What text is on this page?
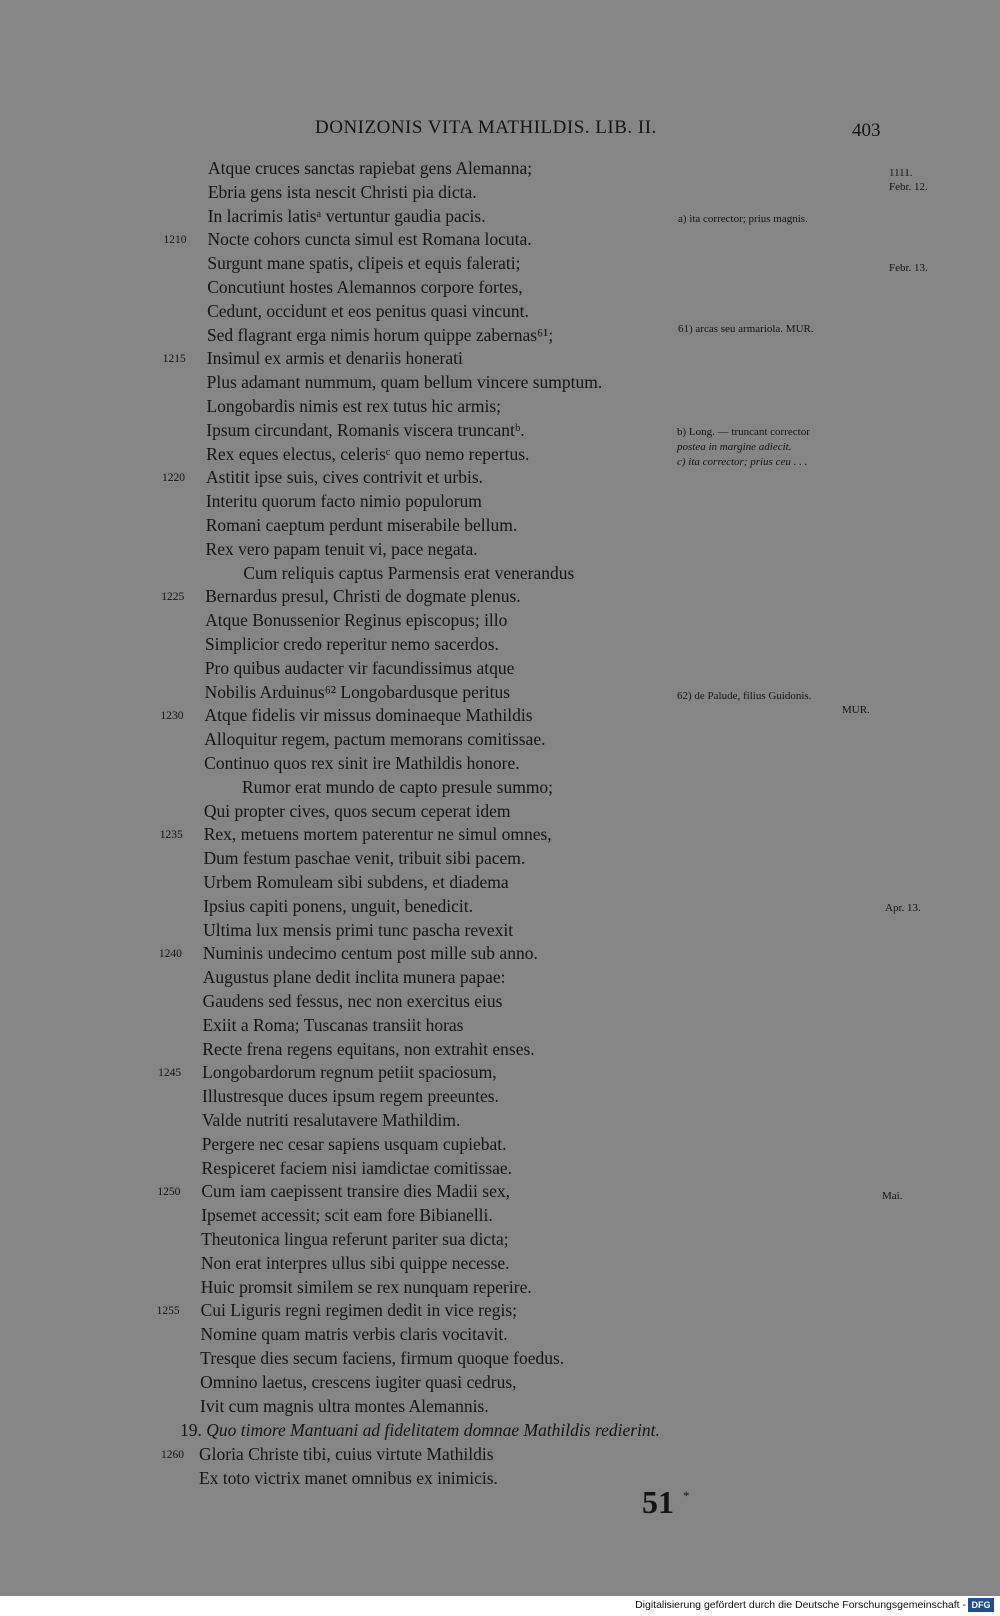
DONIZONIS VITA MATHILDIS. LIB. II.	403
Atque cruces sanctas rapiebat gens Alemanna;
Ebria gens ista nescit Christi pia dicta.
In lacrimis latisᵃ vertuntur gaudia pacis.
Nocte cohors cuncta simul est Romana locuta.
1210
Surgunt mane spatis, clipeis et equis falerati;
Concutiunt hostes Alemannos corpore fortes,
Cedunt, occidunt et eos penitus quasi vincunt.
Sed flagrant erga nimis horum quippe zabernas⁶¹;
Insimul ex armis et denariis honerati
1215
Plus adamant nummum, quam bellum vincere sumptum.
Longobardis nimis est rex tutus hic armis;
Ipsum circundant, Romanis viscera truncantᵇ.
Rex eques electus, celerisᶜ quo nemo repertus.
Astitit ipse suis, cives contrivit et urbis.
1220
Interitu quorum facto nimio populorum
Romani caeptum perdunt miserabile bellum.
Rex vero papam tenuit vi, pace negata.
Cum reliquis captus Parmensis erat venerandus
Bernardus presul, Christi de dogmate plenus.
1225
Atque Bonussenior Reginus episcopus; illo
Simplicior credo reperitur nemo sacerdos.
Pro quibus audacter vir facundissimus atque
Nobilis Arduinus⁶² Longobardusque peritus
Atque fidelis vir missus dominaeque Mathildis
1230
Alloquitur regem, pactum memorans comitissae.
Continuo quos rex sinit ire Mathildis honore.
Rumor erat mundo de capto presule summo;
Qui propter cives, quos secum ceperat idem
Rex, metuens mortem paterentur ne simul omnes,
1235
Dum festum paschae venit, tribuit sibi pacem.
Urbem Romuleam sibi subdens, et diadema
Ipsius capiti ponens, unguit, benedicit.
Ultima lux mensis primi tunc pascha revexit
Numinis undecimo centum post mille sub anno.
1240
Augustus plane dedit inclita munera papae:
Gaudens sed fessus, nec non exercitus eius
Exiit a Roma; Tuscanas transiit horas
Recte frena regens equitans, non extrahit enses.
Longobardorum regnum petiit spaciosum,
1245
Illustresque duces ipsum regem preeuntes.
Valde nutriti resalutavere Mathildim.
Pergere nec cesar sapiens usquam cupiebat.
Respiceret faciem nisi iamdictae comitissae.
Cum iam caepissent transire dies Madii sex,
1250
Ipsemet accessit; scit eam fore Bibianelli.
Theutonica lingua referunt pariter sua dicta;
Non erat interpres ullus sibi quippe necesse.
Huic promsit similem se rex nunquam reperire.
Cui Liguris regni regimen dedit in vice regis;
1255
Nomine quam matris verbis claris vocitavit.
Tresque dies secum faciens, firmum quoque foedus.
Omnino laetus, crescens iugiter quasi cedrus,
Ivit cum magnis ultra montes Alemannis.
19. Quo timore Mantuani ad fidelitatem domnae Mathildis redierint.
Gloria Christe tibi, cuius virtute Mathildis
1260
Ex toto victrix manet omnibus ex inimicis.
a) ita corrector; prius magnis.
61) arcas seu armariola. MUR.
b) Long. — truncant corrector
postea in margine adiecit.
c) ita corrector; prius ceu . . .
62) de Palude, filius Guidonis.
MUR.
1111.
Febr. 12.
Febr. 13.
Apr. 13.
Mai.
51 *
Digitalisierung gefördert durch die Deutsche Forschungsgemeinschaft - DFG
